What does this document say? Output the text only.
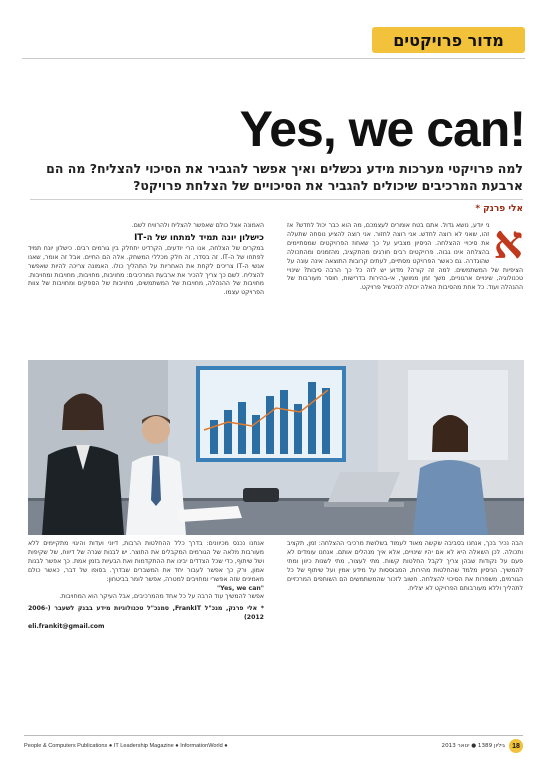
מדור פרויקטים
Yes, we can!
למה פרויקטי מערכות מידע נכשלים ואיך אפשר להגביר את הסיכוי להצליח? מה הם ארבעת המרכיבים שיכולים להגביר את הסיכויים של הצלחת פרויקט?
אלי פרנק *
א

ני יודע, נושא גדול. אתם בטח אומרים לעצמכם, מה הוא כבר יכול לחדש? אז זהו, שאני לא רוצה לחדש. אני רוצה לחזור. אני רוצה להציע נוסחה שתעלה את סיכויי ההצלחה. הניסיון מצביע על כך שאחוז הפרויקטים שמסתיימים בהצלחה אינו גבוה. פרויקטים רבים חורגים מהתקציב, מהזמנים ומהתכולה שהוגדרה. גם כאשר הפרויקט מסתיים, לעתים קרובות התוצאה אינה עונה על הציפיות של המשתמשים. למה זה קורה? מדוע יש לזה כל כך הרבה סיבות? שינויי טכנולוגיה, שינויים ארגוניים, משך זמן ממושך, אי-בהירות בדרישות, חוסר מעורבות של ההנהלה ועוד. כל אחת מהסיבות האלה יכולה להכשיל פרויקט.

האמונה אצל כולם שאפשר להצליח ולהרוויח לשם.

כישלון יונה תמיד למתחו של ה-IT

במקרים של הצלחה, אנו הרי יודעים, הקרדיט יתחלק בין גורמים רבים. כישלון יונח תמיד לפתחו של ה-IT. זה בסדר, זה חלק מכללי המשחק. אלה הם החיים. אבל זה אומר, שאנו אנשי ה-IT צריכים לקחת את האחריות על התהליך כולו. האמונה צריכה להיות שאפשר להצליח. לשם כך צריך להכיר את ארבעת המרכיבים: מחויבות, מחויבות, מחויבות ומחויבות. מחויבות של ההנהלה, מחויבות של המשתמשים, מחויבות של הספקים ומחויבות של צוות הפרויקט עצמו.

הבה נכיר בכך, אנחנו בסביבה שקשה מאוד לעמוד בשלושת מרכיבי ההצלחה: זמן, תקציב ותכולה. לכן השאלה היא לא אם יהיו שינויים, אלא איך מנהלים אותם. אנחנו עומדים לא פעם על נקודות שבהן צריך לקבל החלטות קשות. מתי לעצור, מתי לשנות כיוון ומתי להמשיך. הניסיון מלמד שהחלטות מהירות, המבוססות על מידע אמין ועל שיתוף של כל הגורמים, משפרות את הסיכוי להצלחה. חשוב לזכור שהמשתמשים הם השותפים המרכזיים לתהליך וללא מעורבותם הפרויקט לא יצליח.

אנחנו נכנס מכיוונים: בדרך כלל ההחלטות הרבות, דיוני ועדות והיגוי מתקיימים ללא מעורבות מלאה של הגורמים המקבלים את התוצר. יש לבנות שגרה של דיווח, של שקיפות ושל שיתוף, כדי שכל הצדדים יבינו את ההתקדמות ואת הבעיות בזמן אמת. כך אפשר לבנות אמון, ורק כך אפשר לעבור יחד את המשברים שבדרך. בסופו של דבר, כאשר כולם מאמינים שזה אפשרי ומחויבים למטרה, אפשר לומר בביטחון:

"Yes, we can"

אפשר להמשיך עוד הרבה על כל אחד מהמרכיבים, אבל העיקר הוא המחויבות.

* אלי פרנק, מנכ"ל FrankIT, סמנכ"ל טכנולוגיות מידע בבנק לשעבר (2006-2012)

eli.frankit@gmail.com

People & Computers Publications ● IT Leadership Magazine ● InformationWorld ●	18
גיליון 1389 ● ינואר 2013
